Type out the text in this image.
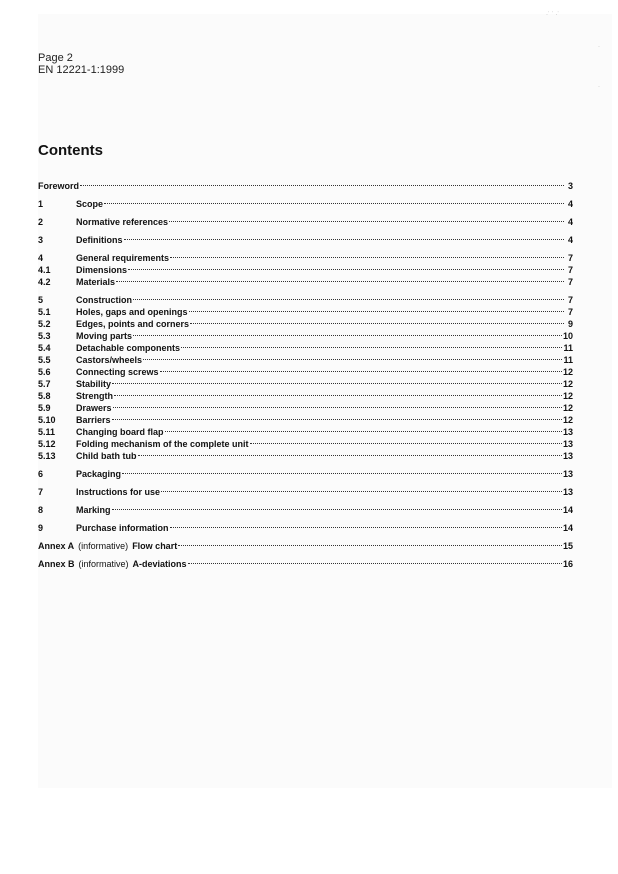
·˙ ˙ ·˙
·
·
Page 2
EN 12221-1:1999
Contents
Foreword	3
1	Scope	4
2	Normative references	4
3	Definitions	4
4	General requirements	7
4.1	Dimensions	7
4.2	Materials	7
5	Construction	7
5.1	Holes, gaps and openings	7
5.2	Edges, points and corners	9
5.3	Moving parts	10
5.4	Detachable components	11
5.5	Castors/wheels	11
5.6	Connecting screws	12
5.7	Stability	12
5.8	Strength	12
5.9	Drawers	12
5.10	Barriers	12
5.11	Changing board flap	13
5.12	Folding mechanism of the complete unit	13
5.13	Child bath tub	13
6	Packaging	13
7	Instructions for use	13
8	Marking	14
9	Purchase information	14
Annex A (informative) Flow chart	15
Annex B (informative) A-deviations	16
